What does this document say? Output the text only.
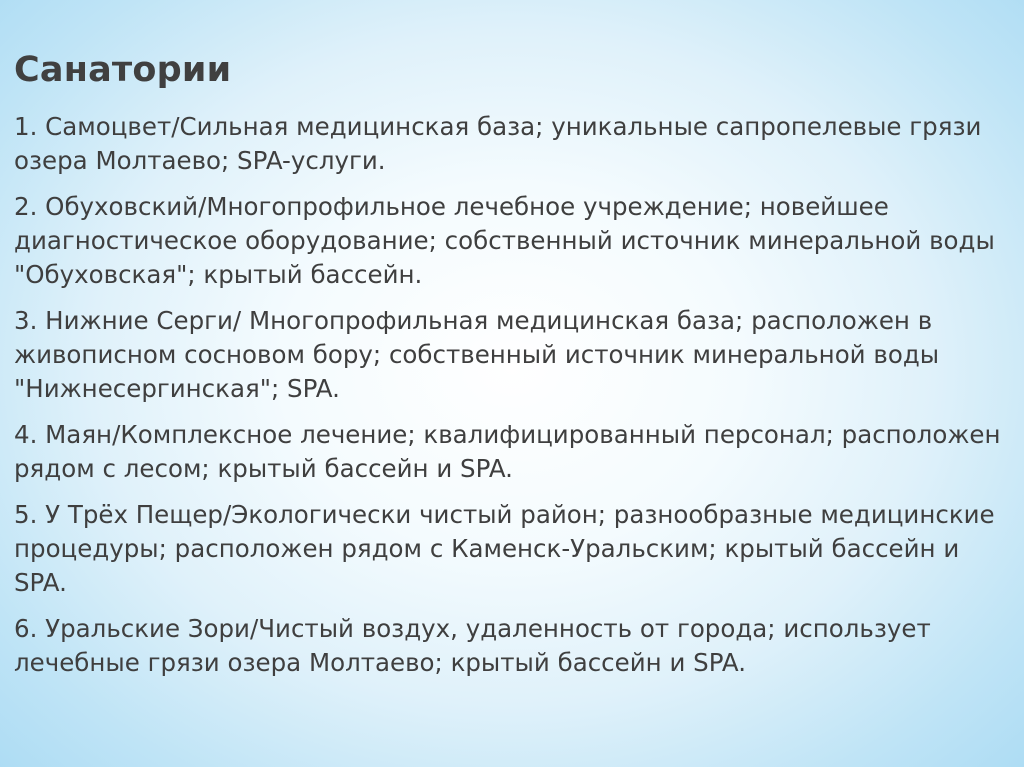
Санатории

1. Самоцвет/Сильная медицинская база; уникальные сапропелевые грязи озера Молтаево; SPA-услуги.

2. Обуховский/Многопрофильное лечебное учреждение; новейшее диагностическое оборудование; собственный источник минеральной воды "Обуховская"; крытый бассейн.

3. Нижние Серги/ Многопрофильная медицинская база; расположен в живописном сосновом бору; собственный источник минеральной воды "Нижнесергинская"; SPA.

4. Маян/Комплексное лечение; квалифицированный персонал; расположен рядом с лесом; крытый бассейн и SPA.

5. У Трёх Пещер/Экологически чистый район; разнообразные медицинские процедуры; расположен рядом с Каменск-Уральским; крытый бассейн и SPA.

6. Уральские Зори/Чистый воздух, удаленность от города; использует лечебные грязи озера Молтаево; крытый бассейн и SPA.
